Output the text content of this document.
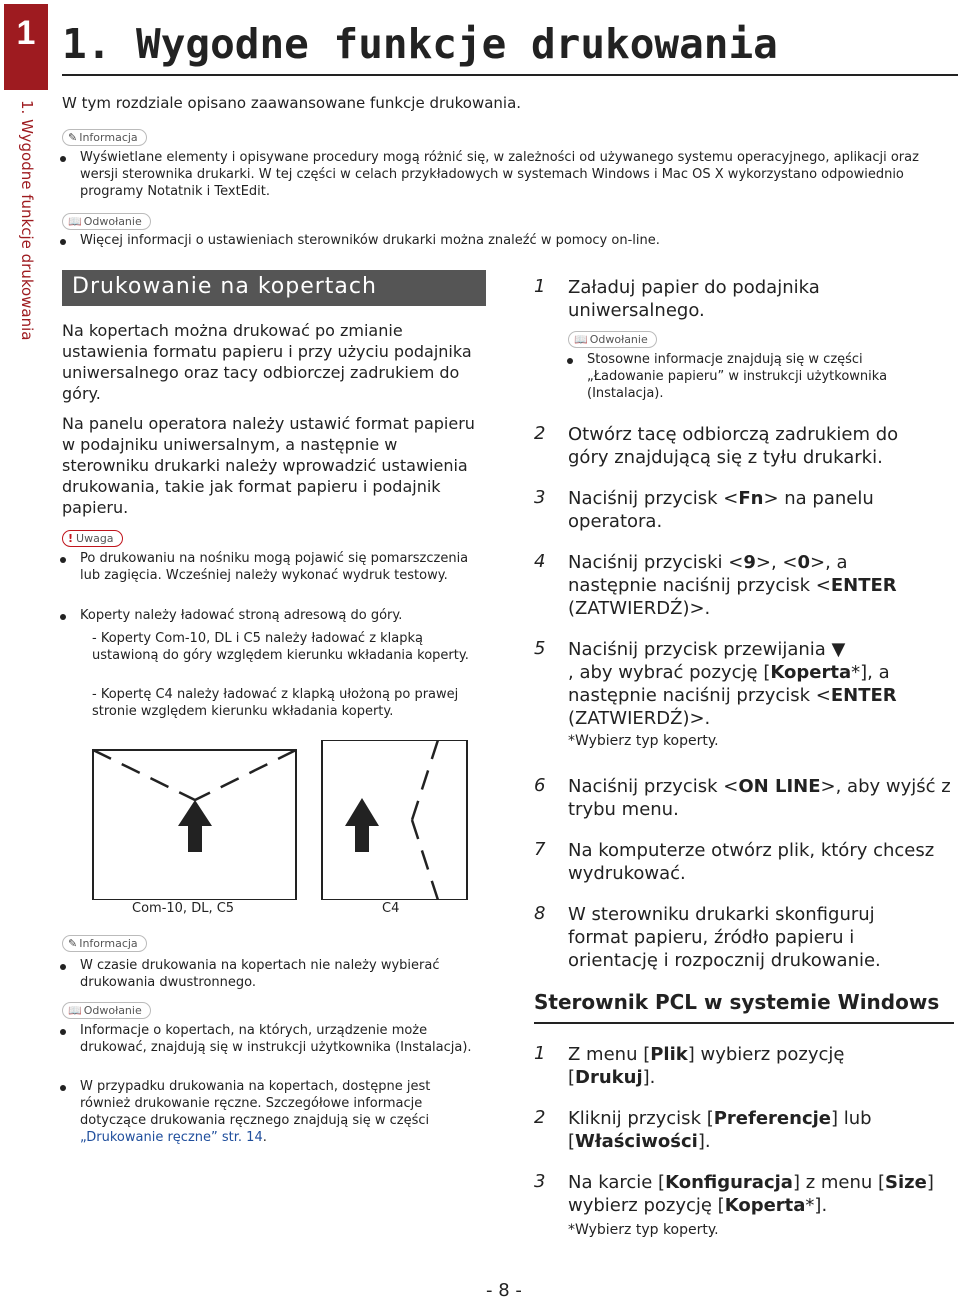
1
1. Wygodne funkcje drukowania
1. Wygodne funkcje drukowania
W tym rozdziale opisano zaawansowane funkcje drukowania.
✎ Informacja
Wyświetlane elementy i opisywane procedury mogą różnić się, w zależności od używanego systemu operacyjnego, aplikacji oraz wersji sterownika drukarki. W tej części w celach przykładowych w systemach Windows i Mac OS X wykorzystano odpowiednio programy Notatnik i TextEdit.
📖 Odwołanie
Więcej informacji o ustawieniach sterowników drukarki można znaleźć w pomocy on-line.
Drukowanie na kopertach
Na kopertach można drukować po zmianie ustawienia formatu papieru i przy użyciu podajnika uniwersalnego oraz tacy odbiorczej zadrukiem do góry.
Na panelu operatora należy ustawić format papieru w podajniku uniwersalnym, a następnie w sterowniku drukarki należy wprowadzić ustawienia drukowania, takie jak format papieru i podajnik papieru.
! Uwaga
Po drukowaniu na nośniku mogą pojawić się pomarszczenia lub zagięcia. Wcześniej należy wykonać wydruk testowy.
Koperty należy ładować stroną adresową do góry.
- Koperty Com-10, DL i C5 należy ładować z klapką ustawioną do góry względem kierunku wkładania koperty.
- Kopertę C4 należy ładować z klapką ułożoną po prawej stronie względem kierunku wkładania koperty.
Com-10, DL, C5	C4
✎ Informacja
W czasie drukowania na kopertach nie należy wybierać drukowania dwustronnego.
📖 Odwołanie
Informacje o kopertach, na których, urządzenie może drukować, znajdują się w instrukcji użytkownika (Instalacja).
W przypadku drukowania na kopertach, dostępne jest również drukowanie ręczne. Szczegółowe informacje dotyczące drukowania ręcznego znajdują się w części „Drukowanie ręczne” str. 14.
1 Załaduj papier do podajnika uniwersalnego.
📖 Odwołanie
Stosowne informacje znajdują się w części „Ładowanie papieru” w instrukcji użytkownika (Instalacja).
2 Otwórz tacę odbiorczą zadrukiem do góry znajdującą się z tyłu drukarki.
3 Naciśnij przycisk <Fn> na panelu operatora.
4 Naciśnij przyciski <9>, <0>, a następnie naciśnij przycisk <ENTER (ZATWIERDŹ)>.
5 Naciśnij przycisk przewijania ▼
, aby wybrać pozycję [Koperta*], a następnie naciśnij przycisk <ENTER (ZATWIERDŹ)>.
*Wybierz typ koperty.
6 Naciśnij przycisk <ON LINE>, aby wyjść z trybu menu.
7 Na komputerze otwórz plik, który chcesz wydrukować.
8 W sterowniku drukarki skonfiguruj format papieru, źródło papieru i orientację i rozpocznij drukowanie.
Sterownik PCL w systemie Windows
1 Z menu [Plik] wybierz pozycję [Drukuj].
2 Kliknij przycisk [Preferencje] lub [Właściwości].
3 Na karcie [Konfiguracja] z menu [Size] wybierz pozycję [Koperta*].
*Wybierz typ koperty.
- 8 -
